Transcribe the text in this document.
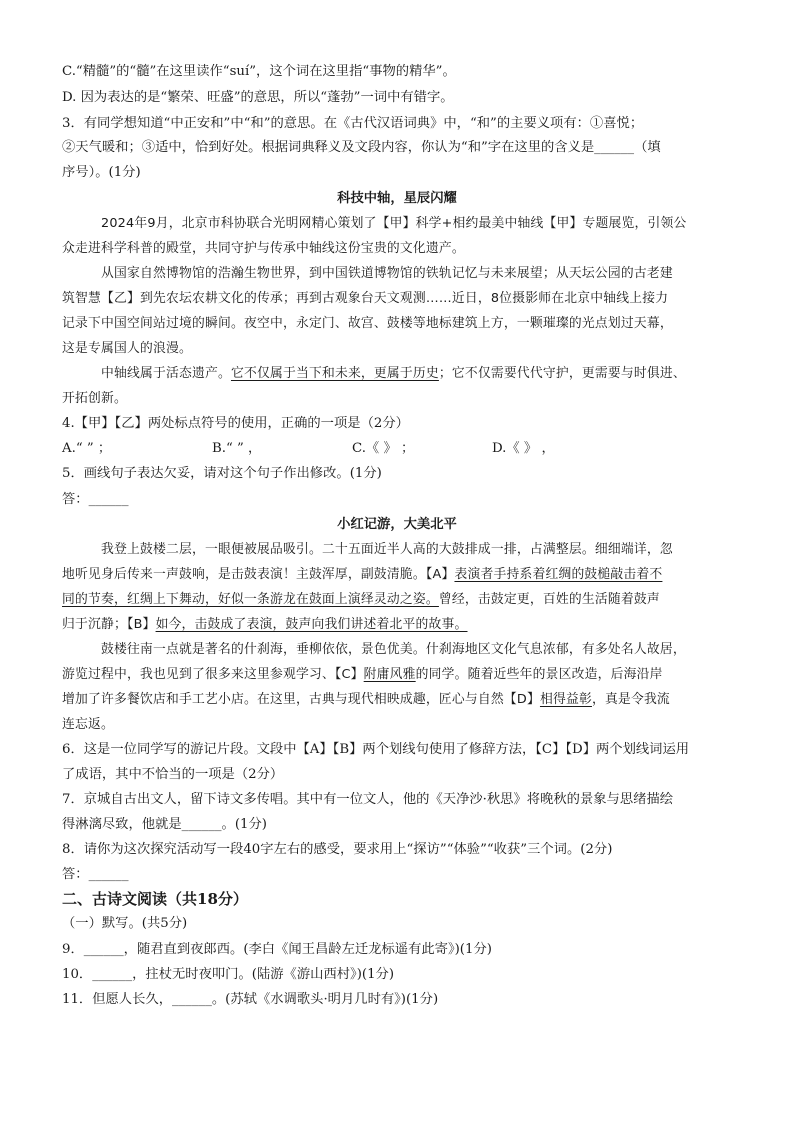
C.“精髓”的“髓”在这里读作“suí”，这个词在这里指“事物的精华”。
D. 因为表达的是“繁荣、旺盛”的意思，所以“蓬勃”一词中有错字。
3．有同学想知道“中正安和”中“和”的意思。在《古代汉语词典》中，“和”的主要义项有：①喜悦；
②天气暖和；③适中，恰到好处。根据词典释义及文段内容，你认为“和”字在这里的含义是______（填
序号）。(1分)
科技中轴，星辰闪耀
2024年9月，北京市科协联合光明网精心策划了【甲】科学+相约最美中轴线【甲】专题展览，引领公
众走进科学科普的殿堂，共同守护与传承中轴线这份宝贵的文化遗产。
从国家自然博物馆的浩瀚生物世界，到中国铁道博物馆的铁轨记忆与未来展望；从天坛公园的古老建
筑智慧【乙】到先农坛农耕文化的传承；再到古观象台天文观测……近日，8位摄影师在北京中轴线上接力
记录下中国空间站过境的瞬间。夜空中，永定门、故宫、鼓楼等地标建筑上方，一颗璀璨的光点划过天幕，
这是专属国人的浪漫。
中轴线属于活态遗产。它不仅属于当下和未来，更属于历史；它不仅需要代代守护，更需要与时俱进、
开拓创新。
4.【甲】【乙】两处标点符号的使用，正确的一项是（2分）
A.“ ” ；	B.“ ” ，	C.《 》 ；	D.《 》 ，
5．画线句子表达欠妥，请对这个句子作出修改。(1分)
答：______
小红记游，大美北平
我登上鼓楼二层，一眼便被展品吸引。二十五面近半人高的大鼓排成一排，占满整层。细细端详，忽
地听见身后传来一声鼓响，是击鼓表演！主鼓浑厚，副鼓清脆。【A】表演者手持系着红绸的鼓槌敲击着不
同的节奏，红绸上下舞动，好似一条游龙在鼓面上演绎灵动之姿。曾经，击鼓定更，百姓的生活随着鼓声
归于沉静；【B】如今，击鼓成了表演，鼓声向我们讲述着北平的故事。
鼓楼往南一点就是著名的什刹海，垂柳依依，景色优美。什刹海地区文化气息浓郁，有多处名人故居，
游览过程中，我也见到了很多来这里参观学习、【C】附庸风雅的同学。随着近些年的景区改造，后海沿岸
增加了许多餐饮店和手工艺小店。在这里，古典与现代相映成趣，匠心与自然【D】相得益彰，真是令我流
连忘返。
6．这是一位同学写的游记片段。文段中【A】【B】两个划线句使用了修辞方法，【C】【D】两个划线词运用
了成语，其中不恰当的一项是（2分）
7．京城自古出文人，留下诗文多传唱。其中有一位文人，他的《天净沙·秋思》将晚秋的景象与思绪描绘
得淋漓尽致，他就是______。(1分)
8．请你为这次探究活动写一段40字左右的感受，要求用上“探访”“体验”“收获”三个词。(2分)
答：______
二、古诗文阅读（共18分）
（一）默写。(共5分)
9．______，随君直到夜郎西。(李白《闻王昌龄左迁龙标遥有此寄》)(1分)
10．______，拄杖无时夜叩门。(陆游《游山西村》)(1分)
11．但愿人长久，______。(苏轼《水调歌头·明月几时有》)(1分)
